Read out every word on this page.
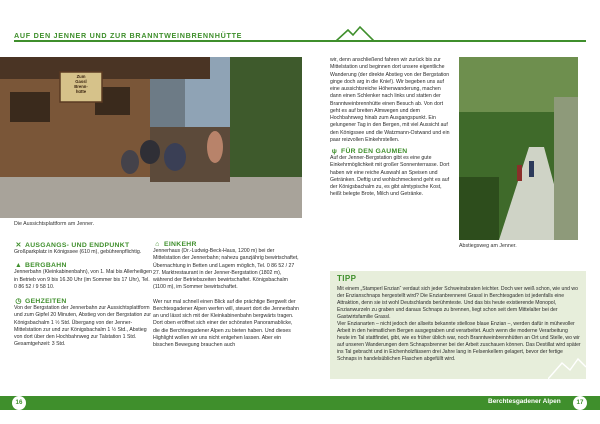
AUF DEN JENNER UND ZUR BRANNTWEINBRENNHÜTTE
Zum
Gassl
Brenn-
hütte
Die Aussichtsplattform am Jenner.
Abstiegsweg am Jenner.
✕ AUSGANGS- UND ENDPUNKT
Großparkplatz in Königssee (610 m), gebührenpflichtig.
▲ BERGBAHN
Jennerbahn (Kleinkabinenbahn), von 1. Mai bis Allerheiligen in Betrieb von 9 bis 16.30 Uhr (im Sommer bis 17 Uhr), Tel. 0 86 52 / 9 58 10.
◷ GEHZEITEN
Von der Bergstation der Jennerbahn zur Aussichtsplattform und zum Gipfel 20 Minuten, Abstieg von der Bergstation zur Königsbachalm 1 ½ Std. Übergang von der Jenner-Mittelstation zur und zur Königsbachalm 1 ½ Std., Abstieg von dort über den Hochbahnweg zur Talstation 1 Std. Gesamtgehzeit: 3 Std.
⌂ EINKEHR
Jennerhaus (Dr.-Ludwig-Beck-Haus, 1200 m) bei der Mittelstation der Jennerbahn; nahezu ganzjährig bewirtschaftet, Übernachtung in Betten und Lagern möglich, Tel. 0 86 52 / 27 27. Marktrestaurant in der Jenner-Bergstation (1802 m), während der Betriebszeiten bewirtschaftet. Königsbachalm (1100 m), im Sommer bewirtschaftet.
Wer nur mal schnell einen Blick auf die prächtige Bergwelt der Berchtesgadener Alpen werfen will, steuert dort die Jennerbahn an und lässt sich mit der Kleinkabinenbahn bergwärts tragen. Dort oben eröffnet sich einer der schönsten Panoramablicke, die die Berchtesgadener Alpen zu bieten haben. Und dieses Highlight wollen wir uns nicht entgehen lassen. Aber ein bisschen Bewegung brauchen auch
wir, denn anschließend fahren wir zurück bis zur Mittelstation und beginnen dort unsere eigentliche Wanderung (der direkte Abstieg von der Bergstation ginge doch arg in die Knie!). Wir begeben uns auf eine aussichtsreiche Höhenwanderung, machen dann einen Schlenker nach links und statten der Branntweinbrennhütte einen Besuch ab. Von dort geht es auf breiten Almwegen und dem Hochbahnweg hinab zum Ausgangspunkt. Ein gelungener Tag in den Bergen, mit viel Aussicht auf den Königssee und die Watzmann-Ostwand und ein paar reizvollen Einkehrstellen.
ψ FÜR DEN GAUMEN
Auf der Jenner-Bergstation gibt es eine gute Einkehrmöglichkeit mit großer Sonnenterrasse. Dort haben wir eine reiche Auswahl an Speisen und Getränken. Deftig und wohlschmeckend geht es auf der Königsbachalm zu, es gibt almtypische Kost, heißt belegte Brote, Milch und Getränke.
TIPP

Mit einem „Stamperl Enzian“ verdaut sich jeder Schweinsbraten leichter. Doch wer weiß schon, wie und wo der Enzianschnaps hergestellt wird? Die Enzianbrennerei Grassl in Berchtesgaden ist jedenfalls eine Attraktion, denn sie ist wohl Deutschlands berühmteste. Und das bis heute existierende Monopol, Enzianwurzeln zu graben und daraus Schnaps zu brennen, liegt schon seit dem Mittelalter bei der Gastwirtsfamilie Grassl.

Vier Enzianarten – nicht jedoch der allseits bekannte stiellose blaue Enzian –, werden dafür in mühevoller Arbeit in den heimatlichen Bergen ausgegraben und verarbeitet. Auch wenn die moderne Verarbeitung heute im Tal stattfindet, gibt, wie es früher üblich war, noch Branntweinbrennhütten an Ort und Stelle, wo wir auf unseren Wanderungen dem Schnapsbrenner bei der Arbeit zuschauen können. Das Destillat wird später ins Tal gebracht und in Eichenholzfässern drei Jahre lang in Felsenkellern gelagert, bevor der fertige Schnaps in handelsüblichen Flaschen abgefüllt wird.

16	17
Berchtesgadener Alpen
